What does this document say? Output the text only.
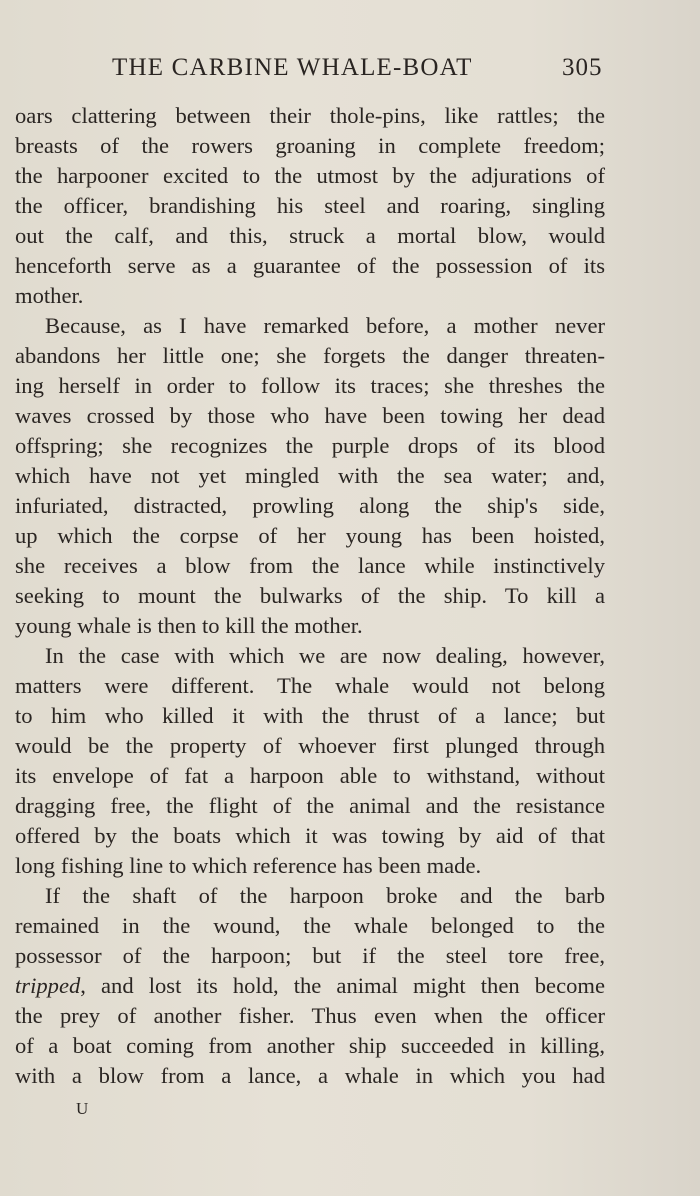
THE CARBINE WHALE-BOAT	305
oars clattering between their thole-pins, like rattles; the
breasts of the rowers groaning in complete freedom;
the harpooner excited to the utmost by the adjurations of
the officer, brandishing his steel and roaring, singling
out the calf, and this, struck a mortal blow, would
henceforth serve as a guarantee of the possession of its
mother.
Because, as I have remarked before, a mother never
abandons her little one; she forgets the danger threaten-
ing herself in order to follow its traces; she threshes the
waves crossed by those who have been towing her dead
offspring; she recognizes the purple drops of its blood
which have not yet mingled with the sea water; and,
infuriated, distracted, prowling along the ship's side,
up which the corpse of her young has been hoisted,
she receives a blow from the lance while instinctively
seeking to mount the bulwarks of the ship. To kill a
young whale is then to kill the mother.
In the case with which we are now dealing, however,
matters were different. The whale would not belong
to him who killed it with the thrust of a lance; but
would be the property of whoever first plunged through
its envelope of fat a harpoon able to withstand, without
dragging free, the flight of the animal and the resistance
offered by the boats which it was towing by aid of that
long fishing line to which reference has been made.
If the shaft of the harpoon broke and the barb
remained in the wound, the whale belonged to the
possessor of the harpoon; but if the steel tore free,
tripped, and lost its hold, the animal might then become
the prey of another fisher. Thus even when the officer
of a boat coming from another ship succeeded in killing,
with a blow from a lance, a whale in which you had
U
